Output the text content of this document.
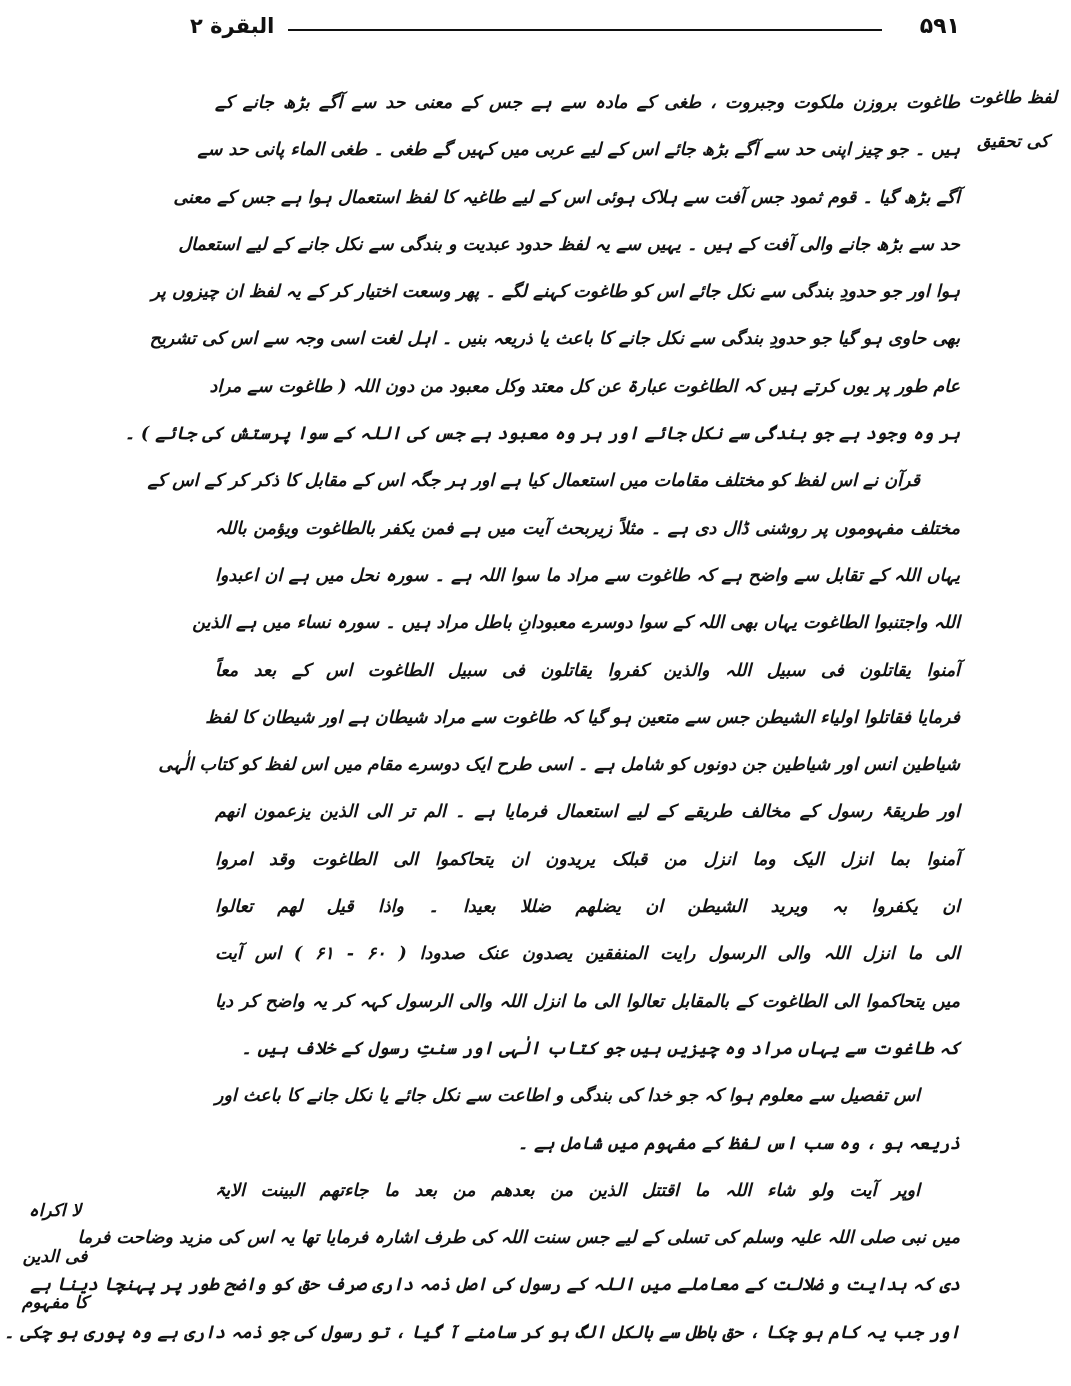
۵۹۱
البقرة ۲
لفظ طاغوت
کی تحقیق
لا اکراہ
فی الدین
کا مفہوم
طاغوت بروزن ملکوت وجبروت ، طغی کے مادہ سے ہے جس کے معنی حد سے آگے بڑھ جانے کے
ہیں ۔ جو چیز اپنی حد سے آگے بڑھ جائے اس کے لیے عربی میں کہیں گے طغی ۔ طغی الماء پانی حد سے
آگے بڑھ گیا ۔ قوم ثمود جس آفت سے ہلاک ہوئی اس کے لیے طاغیہ کا لفظ استعمال ہوا ہے جس کے معنی
حد سے بڑھ جانے والی آفت کے ہیں ۔ یہیں سے یہ لفظ حدود عبدیت و بندگی سے نکل جانے کے لیے استعمال
ہوا اور جو حدودِ بندگی سے نکل جائے اس کو طاغوت کہنے لگے ۔ پھر وسعت اختیار کر کے یہ لفظ ان چیزوں پر
بھی حاوی ہو گیا جو حدودِ بندگی سے نکل جانے کا باعث یا ذریعہ بنیں ۔ اہل لغت اسی وجہ سے اس کی تشریح
عام طور پر یوں کرتے ہیں کہ الطاغوت عبارۃ عن کل معتد وکل معبود من دون اللہ ( طاغوت سے مراد
ہر وہ وجود ہے جو بندگی سے نکل جائے اور ہر وہ معبود ہے جس کی اللہ کے سوا پرستش کی جائے ) ۔
قرآن نے اس لفظ کو مختلف مقامات میں استعمال کیا ہے اور ہر جگہ اس کے مقابل کا ذکر کر کے اس کے
مختلف مفہوموں پر روشنی ڈال دی ہے ۔ مثلاً زیربحث آیت میں ہے فمن یکفر بالطاغوت ویؤمن باللہ
یہاں اللہ کے تقابل سے واضح ہے کہ طاغوت سے مراد ما سوا اللہ ہے ۔ سورہ نحل میں ہے ان اعبدوا
اللہ واجتنبوا الطاغوت یہاں بھی اللہ کے سوا دوسرے معبودانِ باطل مراد ہیں ۔ سورہ نساء میں ہے الذین
آمنوا یقاتلون فی سبیل اللہ والذین کفروا یقاتلون فی سبیل الطاغوت اس کے بعد معاً
فرمایا فقاتلوا اولیاء الشیطن جس سے متعین ہو گیا کہ طاغوت سے مراد شیطان ہے اور شیطان کا لفظ
شیاطین انس اور شیاطین جن دونوں کو شامل ہے ۔ اسی طرح ایک دوسرے مقام میں اس لفظ کو کتاب الٰہی
اور طریقۂ رسول کے مخالف طریقے کے لیے استعمال فرمایا ہے ۔ الم تر الی الذین یزعمون انھم
آمنوا بما انزل الیک وما انزل من قبلک یریدون ان یتحاکموا الی الطاغوت وقد امروا
ان یکفروا بہ ویرید الشیطن ان یضلھم ضللا بعیدا ۔ واذا قیل لھم تعالوا
الی ما انزل اللہ والی الرسول رایت المنفقین یصدون عنک صدودا ( ۶۰ - ۶۱ ) اس آیت
میں یتحاکموا الی الطاغوت کے بالمقابل تعالوا الی ما انزل اللہ والی الرسول کہہ کر یہ واضح کر دیا
کہ طاغوت سے یہاں مراد وہ چیزیں ہیں جو کتاب الٰہی اور سنتِ رسول کے خلاف ہیں ۔
اس تفصیل سے معلوم ہوا کہ جو خدا کی بندگی و اطاعت سے نکل جائے یا نکل جانے کا باعث اور
ذریعہ ہو ، وہ سب اس لفظ کے مفہوم میں شامل ہے ۔
اوپر آیت ولو شاء اللہ ما اقتتل الذین من بعدھم من بعد ما جاءتھم البینت الایۃ
میں نبی صلی اللہ علیہ وسلم کی تسلی کے لیے جس سنت اللہ کی طرف اشارہ فرمایا تھا یہ اس کی مزید وضاحت فرما
دی کہ ہدایت و ضلالت کے معاملے میں اللہ کے رسول کی اصل ذمہ داری صرف حق کو واضح طور پر پہنچا دینا ہے
اور جب یہ کام ہو چکا ، حق باطل سے بالکل الگ ہو کر سامنے آ گیا ، تو رسول کی جو ذمہ داری ہے وہ پوری ہو چکی ۔
